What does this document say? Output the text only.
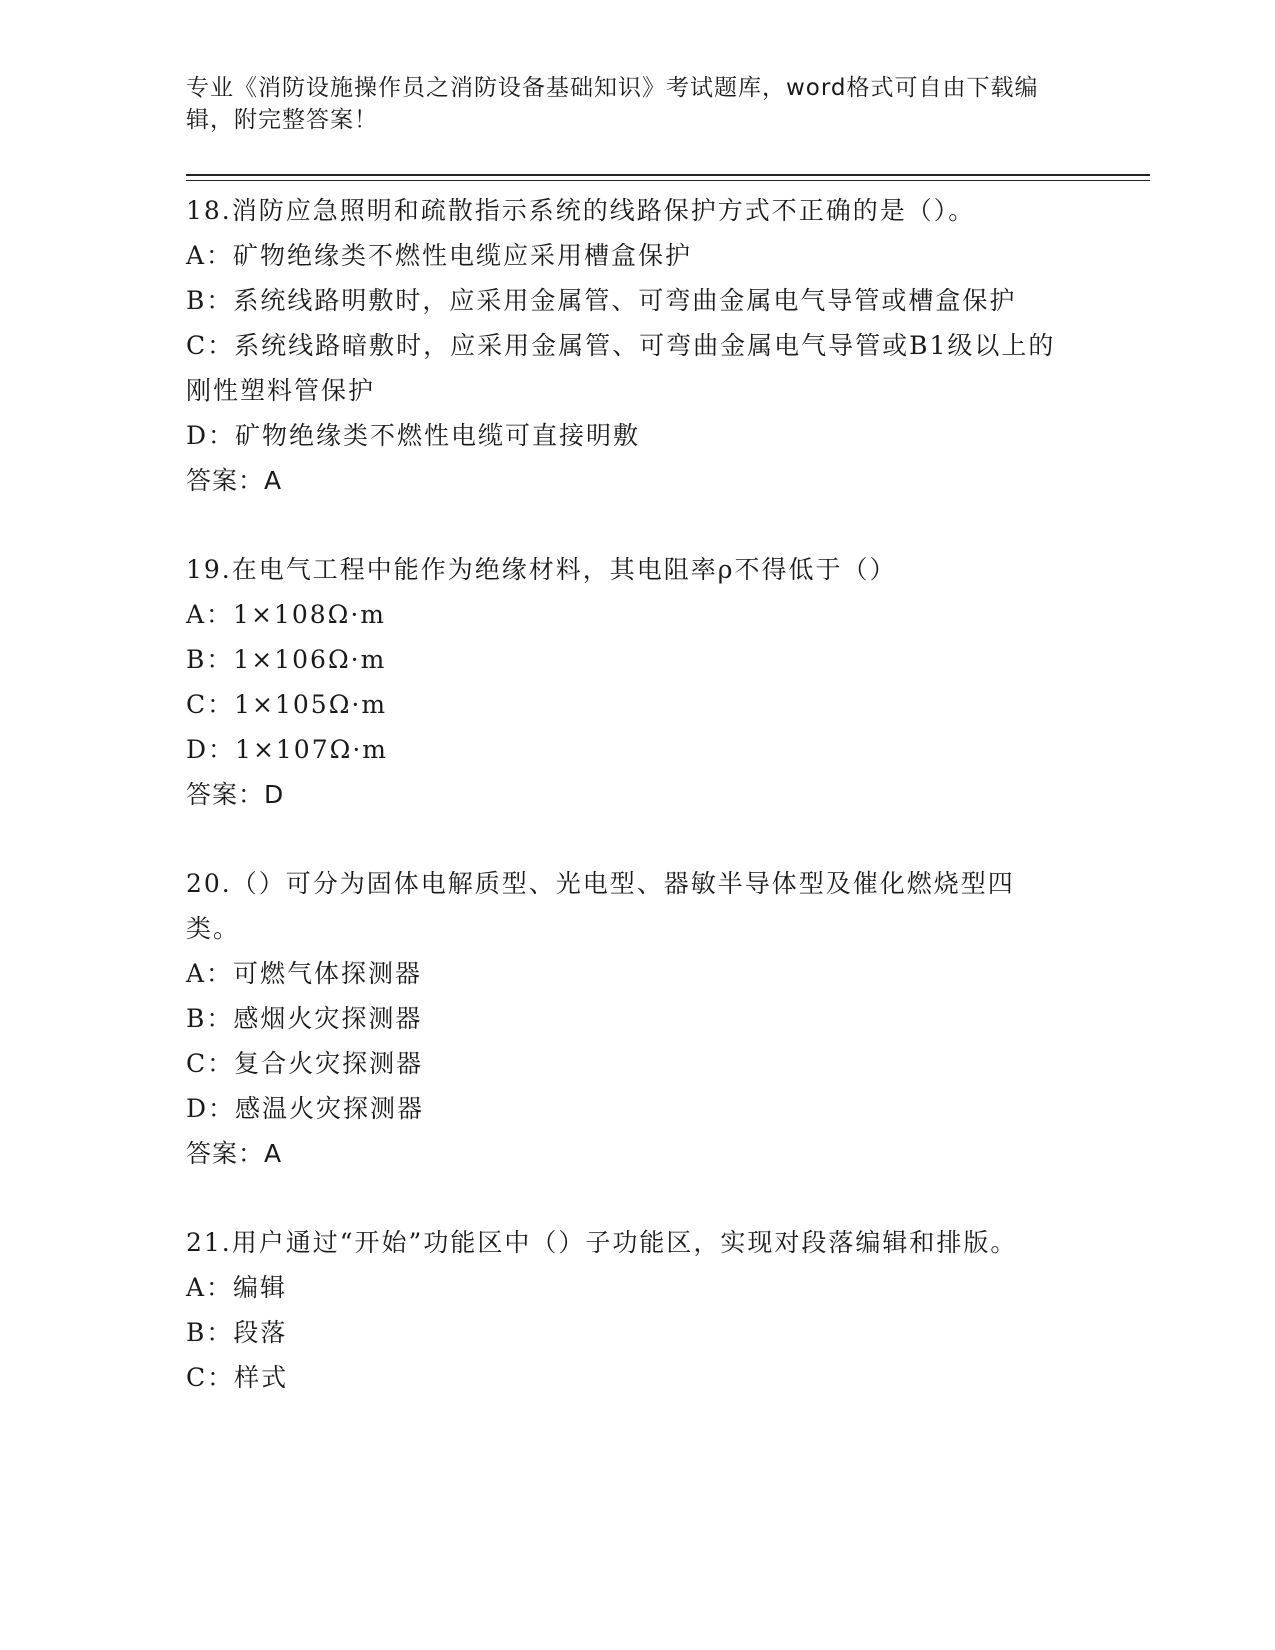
专业《消防设施操作员之消防设备基础知识》考试题库，word格式可自由下载编辑，附完整答案！
18.消防应急照明和疏散指示系统的线路保护方式不正确的是（）。
A：矿物绝缘类不燃性电缆应采用槽盒保护
B：系统线路明敷时，应采用金属管、可弯曲金属电气导管或槽盒保护
C：系统线路暗敷时，应采用金属管、可弯曲金属电气导管或B1级以上的刚性塑料管保护
D：矿物绝缘类不燃性电缆可直接明敷
答案：A
19.在电气工程中能作为绝缘材料，其电阻率ρ不得低于（）
A：1×108Ω·m
B：1×106Ω·m
C：1×105Ω·m
D：1×107Ω·m
答案：D
20.（）可分为固体电解质型、光电型、器敏半导体型及催化燃烧型四类。
A：可燃气体探测器
B：感烟火灾探测器
C：复合火灾探测器
D：感温火灾探测器
答案：A
21.用户通过“开始”功能区中（）子功能区，实现对段落编辑和排版。
A：编辑
B：段落
C：样式
